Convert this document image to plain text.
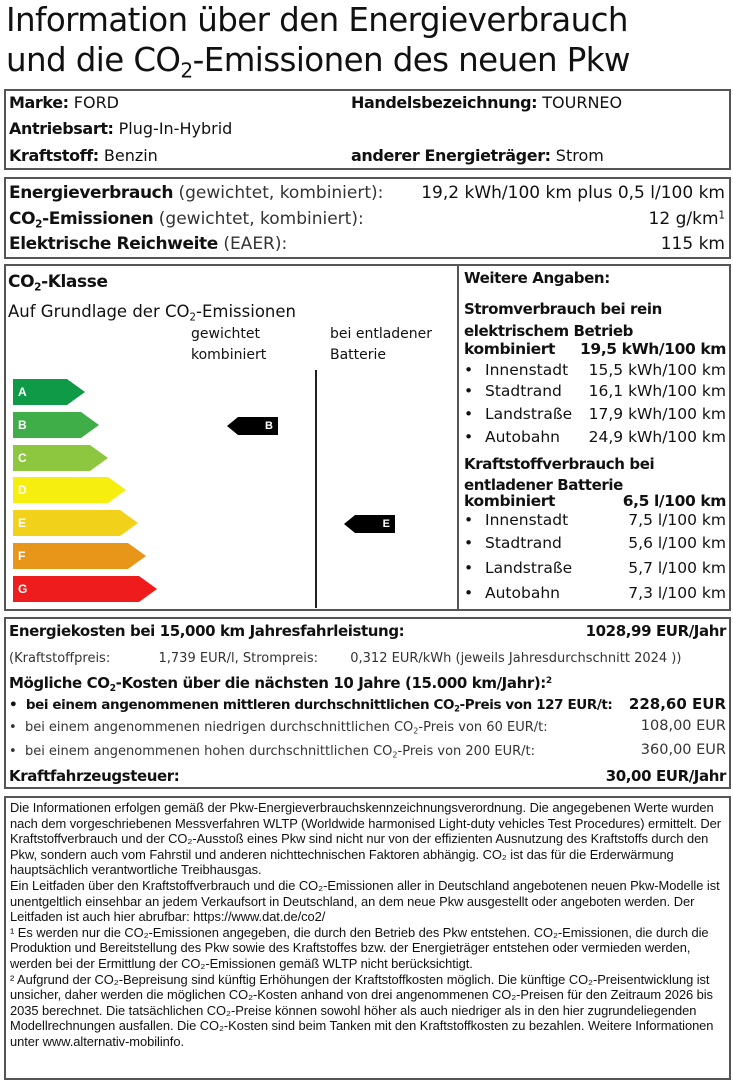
Information über den Energieverbrauch
und die $CO_2$-Emissionen des neuen Pkw
Marke: FORD	Handelsbezeichnung: TOURNEO
Antriebsart: Plug-In-Hybrid
Kraftstoff: Benzin	anderer Energieträger: Strom
Energieverbrauch (gewichtet, kombiniert): 19,2 kWh/100 km plus 0,5 l/100 km
$CO_2$-Emissionen (gewichtet, kombiniert):	12 $g/km^1$
Elektrische Reichweite (EAER):	115 km
$CO_2$-Klasse
Auf Grundlage der $CO_2$-Emissionen
gewichtet
kombiniert
bei entladener
Batterie
A
B
C
D
E
F
G
B
E
Weitere Angaben:
Stromverbrauch bei rein
elektrischem Betrieb
kombiniert 19,5 kWh/100 km
• Innenstadt 15,5 kWh/100 km
• Stadtrand 16,1 kWh/100 km
• Landstraße 17,9 kWh/100 km
• Autobahn 24,9 kWh/100 km
Kraftstoffverbrauch bei
entladener Batterie
kombiniert	6,5 l/100 km
• Innenstadt	7,5 l/100 km
• Stadtrand	5,6 l/100 km
• Landstraße	5,7 l/100 km
• Autobahn	7,3 l/100 km
Energiekosten bei 15,000 km Jahresfahrleistung:	1028,99 EUR/Jahr
(Kraftstoffpreis:	1,739 EUR/l, Strompreis: 0,312 EUR/kWh (jeweils Jahresdurchschnitt 2024 ))
Mögliche $CO_2$-Kosten über die nächsten 10 Jahre (15.000 km/Jahr):$^2$
• bei einem angenommenen mittleren durchschnittlichen $CO_2$-Preis von 127 EUR/t: 228,60 EUR
• bei einem angenommenen niedrigen durchschnittlichen $CO_2$-Preis von 60 EUR/t:	108,00 EUR
• bei einem angenommenen hohen durchschnittlichen $CO_2$-Preis von 200 EUR/t:	360,00 EUR
Kraftfahrzeugsteuer:	30,00 EUR/Jahr

Die Informationen erfolgen gemäß der Pkw-Energieverbrauchskennzeichnungsverordnung. Die angegebenen Werte wurden nach dem vorgeschriebenen Messverfahren WLTP (Worldwide harmonised Light-duty vehicles Test Procedures) ermittelt. Der Kraftstoffverbrauch und der CO₂-Ausstoß eines Pkw sind nicht nur von der effizienten Ausnutzung des Kraftstoffs durch den Pkw, sondern auch vom Fahrstil und anderen nichttechnischen Faktoren abhängig. CO₂ ist das für die Erderwärmung hauptsächlich verantwortliche Treibhausgas.

Ein Leitfaden über den Kraftstoffverbrauch und die CO₂-Emissionen aller in Deutschland angebotenen neuen Pkw-Modelle ist unentgeltlich einsehbar an jedem Verkaufsort in Deutschland, an dem neue Pkw ausgestellt oder angeboten werden. Der Leitfaden ist auch hier abrufbar: https://www.dat.de/co2/

¹ Es werden nur die CO₂-Emissionen angegeben, die durch den Betrieb des Pkw entstehen. CO₂-Emissionen, die durch die Produktion und Bereitstellung des Pkw sowie des Kraftstoffes bzw. der Energieträger entstehen oder vermieden werden, werden bei der Ermittlung der CO₂-Emissionen gemäß WLTP nicht berücksichtigt.

² Aufgrund der CO₂-Bepreisung sind künftig Erhöhungen der Kraftstoffkosten möglich. Die künftige CO₂-Preisentwicklung ist unsicher, daher werden die möglichen CO₂-Kosten anhand von drei angenommenen CO₂-Preisen für den Zeitraum 2026 bis 2035 berechnet. Die tatsächlichen CO₂-Preise können sowohl höher als auch niedriger als in den hier zugrundeliegenden Modellrechnungen ausfallen. Die CO₂-Kosten sind beim Tanken mit den Kraftstoffkosten zu bezahlen. Weitere Informationen unter www.alternativ-mobilinfo.
